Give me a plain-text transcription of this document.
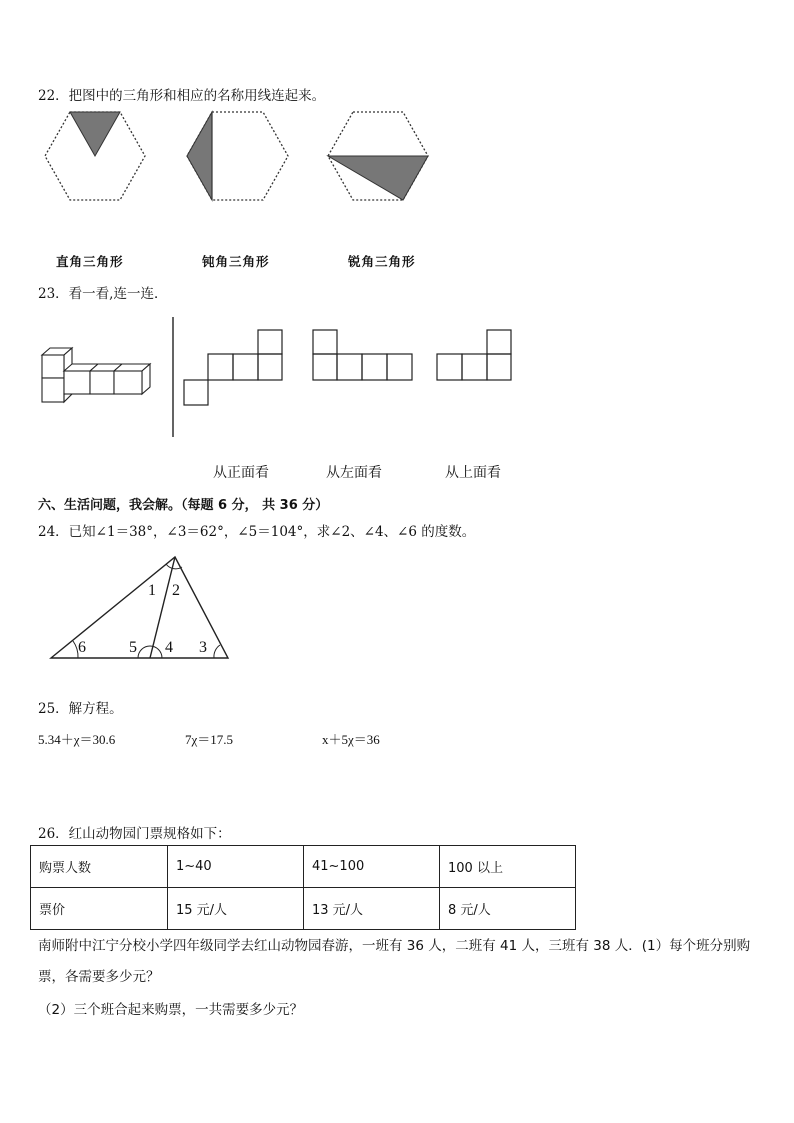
22．把图中的三角形和相应的名称用线连起来。
直角三角形	钝角三角形	锐角三角形
23．看一看,连一连．
从正面看	从左面看	从上面看
六、生活问题，我会解。（每题 6 分， 共 36 分）
24．已知∠1＝38°，∠3＝62°，∠5＝104°，求∠2、∠4、∠6 的度数。
1 2
3
4
5
6
25．解方程。
5.34＋χ＝30.6	7χ＝17.5	x＋5χ＝36
26．红山动物园门票规格如下：
购票人数	1~40	41~100	100 以上
票价	15 元/人	13 元/人	8 元/人
南师附中江宁分校小学四年级同学去红山动物园春游，一班有 36 人，二班有 41 人，三班有 38 人．(1）每个班分别购
票，各需要多少元？
（2）三个班合起来购票，一共需要多少元？
